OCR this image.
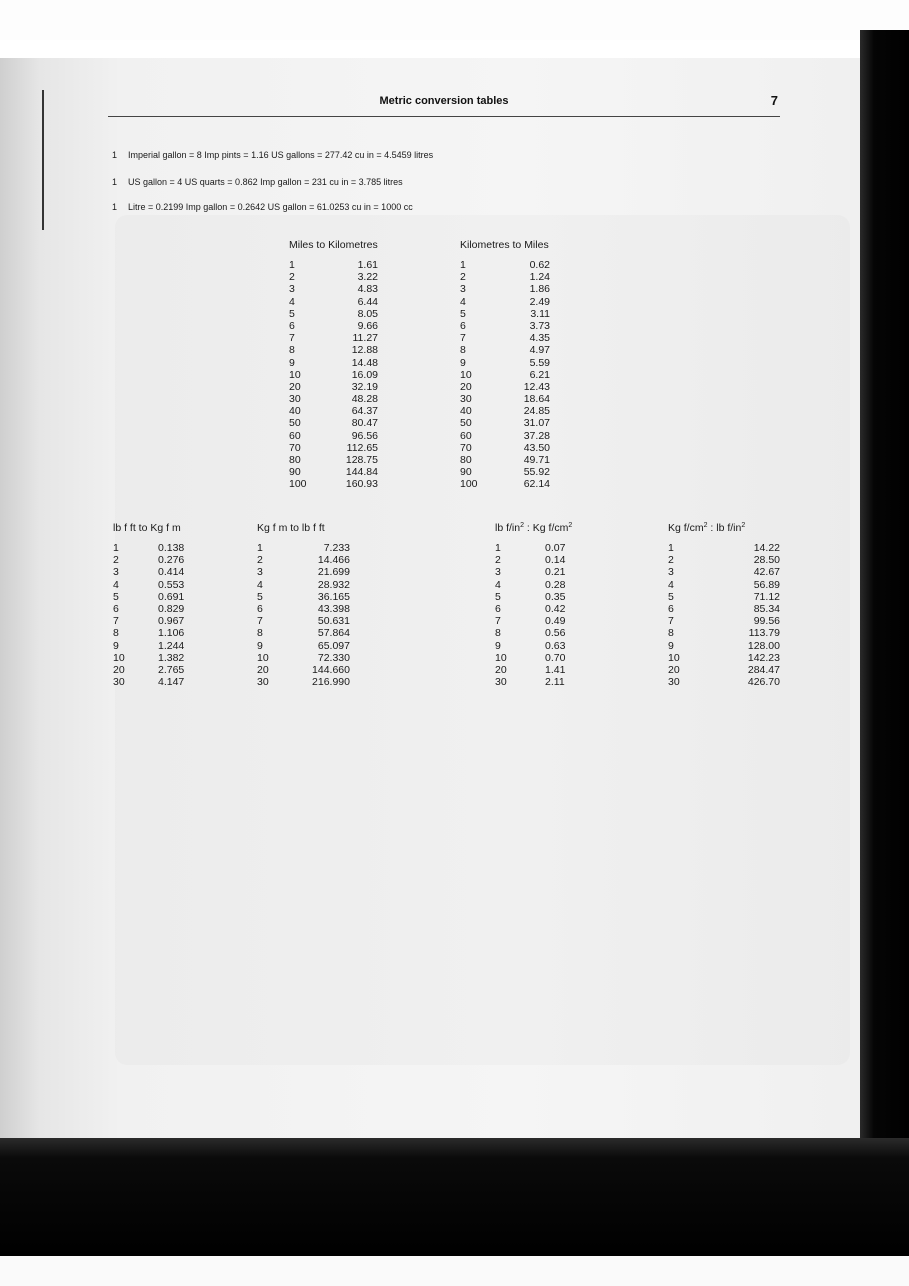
Metric conversion tables	7
1 Imperial gallon = 8 Imp pints = 1.16 US gallons = 277.42 cu in = 4.5459 litres
1 US gallon = 4 US quarts = 0.862 Imp gallon = 231 cu in = 3.785 litres
1 Litre = 0.2199 Imp gallon = 0.2642 US gallon = 61.0253 cu in = 1000 cc
Miles to Kilometres
1	1.61
2	3.22
3	4.83
4	6.44
5	8.05
6	9.66
7	11.27
8	12.88
9	14.48
10	16.09
20	32.19
30	48.28
40	64.37
50	80.47
60	96.56
70	112.65
80	128.75
90	144.84
100	160.93
Kilometres to Miles
1	0.62
2	1.24
3	1.86
4	2.49
5	3.11
6	3.73
7	4.35
8	4.97
9	5.59
10	6.21
20	12.43
30	18.64
40	24.85
50	31.07
60	37.28
70	43.50
80	49.71
90	55.92
100	62.14
lb f ft to Kg f m
1	0.138
2	0.276
3	0.414
4	0.553
5	0.691
6	0.829
7	0.967
8	1.106
9	1.244
10	1.382
20	2.765
30	4.147
Kg f m to lb f ft
1	7.233
2	14.466
3	21.699
4	28.932
5	36.165
6	43.398
7	50.631
8	57.864
9	65.097
10	72.330
20	144.660
30	216.990
lb $f/in^2$ : Kg $f/cm^2$
1	0.07
2	0.14
3	0.21
4	0.28
5	0.35
6	0.42
7	0.49
8	0.56
9	0.63
10	0.70
20	1.41
30	2.11
Kg $f/cm^2$ : lb $f/in^2$
1	14.22
2	28.50
3	42.67
4	56.89
5	71.12
6	85.34
7	99.56
8	113.79
9	128.00
10	142.23
20	284.47
30	426.70
